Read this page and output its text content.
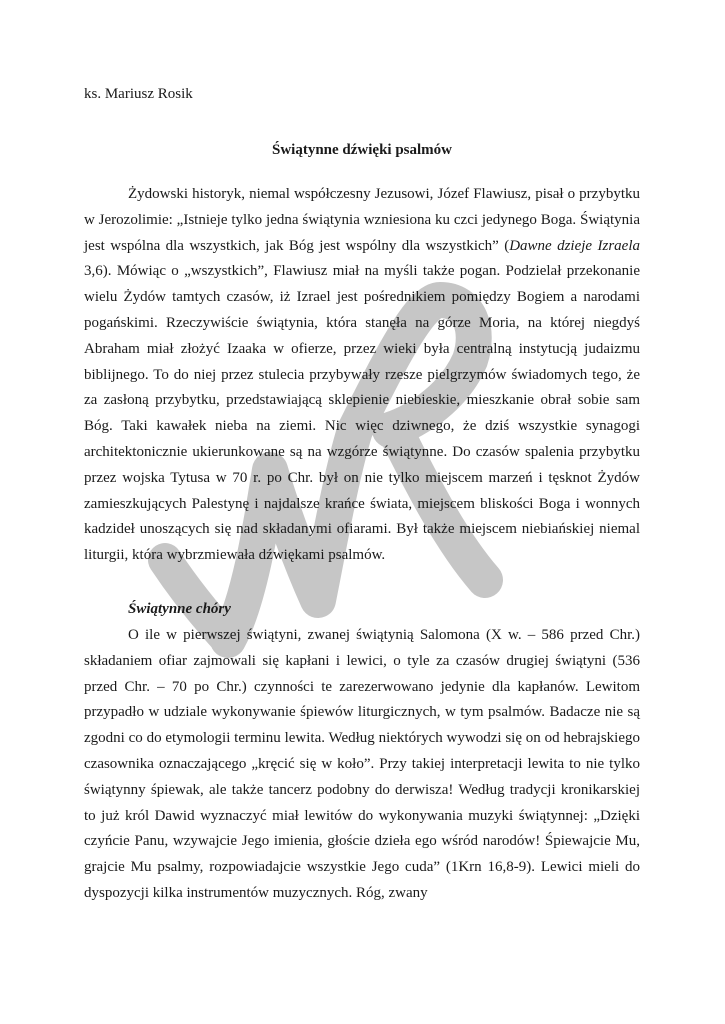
ks. Mariusz Rosik
Świątynne dźwięki psalmów

Żydowski historyk, niemal współczesny Jezusowi, Józef Flawiusz, pisał o przybytku w Jerozolimie: „Istnieje tylko jedna świątynia wzniesiona ku czci jedynego Boga. Świątynia jest wspólna dla wszystkich, jak Bóg jest wspólny dla wszystkich” (Dawne dzieje Izraela 3,6). Mówiąc o „wszystkich”, Flawiusz miał na myśli także pogan. Podzielał przekonanie wielu Żydów tamtych czasów, iż Izrael jest pośrednikiem pomiędzy Bogiem a narodami pogańskimi. Rzeczywiście świątynia, która stanęła na górze Moria, na której niegdyś Abraham miał złożyć Izaaka w ofierze, przez wieki była centralną instytucją judaizmu biblijnego. To do niej przez stulecia przybywały rzesze pielgrzymów świadomych tego, że za zasłoną przybytku, przedstawiającą sklepienie niebieskie, mieszkanie obrał sobie sam Bóg. Taki kawałek nieba na ziemi. Nic więc dziwnego, że dziś wszystkie synagogi architektonicznie ukierunkowane są na wzgórze świątynne. Do czasów spalenia przybytku przez wojska Tytusa w 70 r. po Chr. był on nie tylko miejscem marzeń i tęsknot Żydów zamieszkujących Palestynę i najdalsze krańce świata, miejscem bliskości Boga i wonnych kadzideł unoszących się nad składanymi ofiarami. Był także miejscem niebiańskiej niemal liturgii, która wybrzmiewała dźwiękami psalmów.

Świątynne chóry

O ile w pierwszej świątyni, zwanej świątynią Salomona (X w. – 586 przed Chr.) składaniem ofiar zajmowali się kapłani i lewici, o tyle za czasów drugiej świątyni (536 przed Chr. – 70 po Chr.) czynności te zarezerwowano jedynie dla kapłanów. Lewitom przypadło w udziale wykonywanie śpiewów liturgicznych, w tym psalmów. Badacze nie są zgodni co do etymologii terminu lewita. Według niektórych wywodzi się on od hebrajskiego czasownika oznaczającego „kręcić się w koło”. Przy takiej interpretacji lewita to nie tylko świątynny śpiewak, ale także tancerz podobny do derwisza! Według tradycji kronikarskiej to już król Dawid wyznaczyć miał lewitów do wykonywania muzyki świątynnej: „Dzięki czyńcie Panu, wzywajcie Jego imienia, głoście dzieła ego wśród narodów! Śpiewajcie Mu, grajcie Mu psalmy, rozpowiadajcie wszystkie Jego cuda” (1Krn 16,8-9). Lewici mieli do dyspozycji kilka instrumentów muzycznych. Róg, zwany
